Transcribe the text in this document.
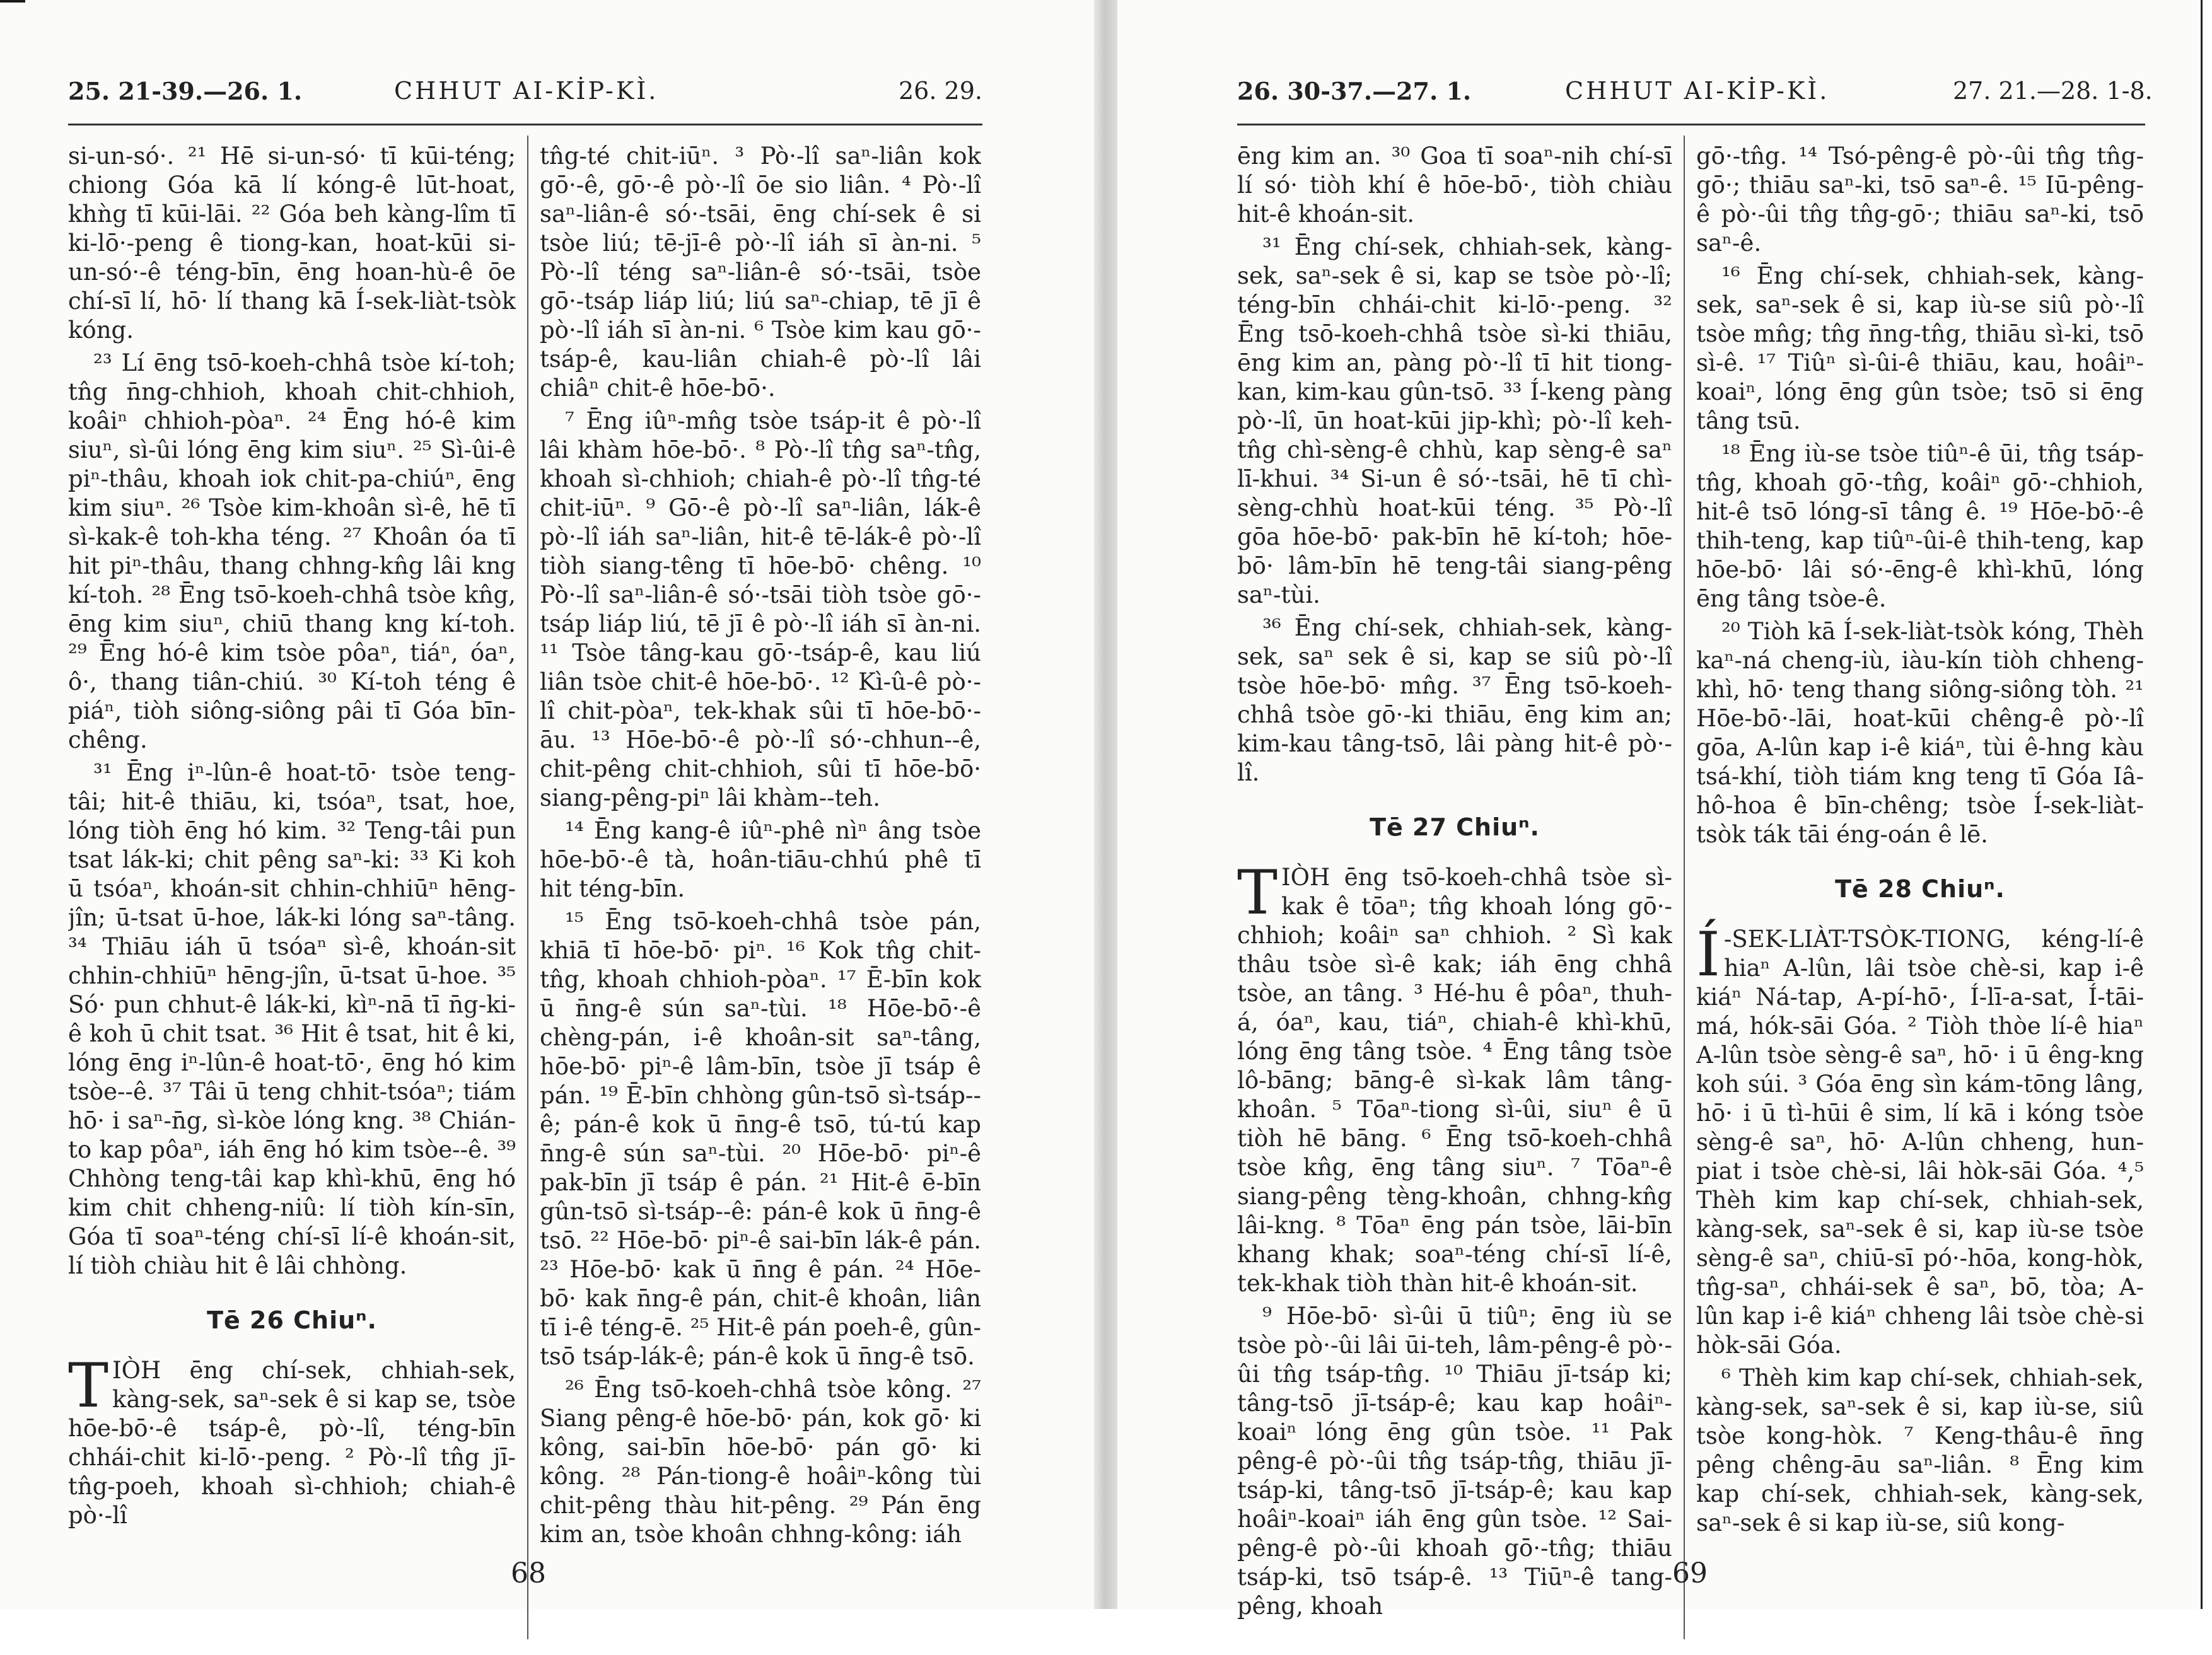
25. 21-39.—26. 1.	CHHUT AI-KİP-KÌ.	26. 29.

si-un-só·. ²¹ Hē si-un-só· tī kūi-téng; chiong Góa kā lí kóng-ê lūt-hoat, khǹg tī kūi-lāi. ²² Góa beh kàng-lîm tī ki-lō·-peng ê tiong-kan, hoat-kūi si-un-só·-ê téng-bīn, ēng hoan-hù-ê ōe chí-sī lí, hō· lí thang kā Í-sek-liàt-tsòk kóng.

²³ Lí ēng tsō-koeh-chhâ tsòe kí-toh; tn̂g n̄ng-chhioh, khoah chit-chhioh, koâiⁿ chhioh-pòaⁿ. ²⁴ Ēng hó-ê kim siuⁿ, sì-ûi lóng ēng kim siuⁿ. ²⁵ Sì-ûi-ê piⁿ-thâu, khoah iok chit-pa-chiúⁿ, ēng kim siuⁿ. ²⁶ Tsòe kim-khoân sì-ê, hē tī sì-kak-ê toh-kha téng. ²⁷ Khoân óa tī hit piⁿ-thâu, thang chhng-kn̂g lâi kng kí-toh. ²⁸ Ēng tsō-koeh-chhâ tsòe kn̂g, ēng kim siuⁿ, chiū thang kng kí-toh. ²⁹ Ēng hó-ê kim tsòe pôaⁿ, tiáⁿ, óaⁿ, ô·, thang tiân-chiú. ³⁰ Kí-toh téng ê piáⁿ, tiòh siông-siông pâi tī Góa bīn-chêng.

³¹ Ēng iⁿ-lûn-ê hoat-tō· tsòe teng-tâi; hit-ê thiāu, ki, tsóaⁿ, tsat, hoe, lóng tiòh ēng hó kim. ³² Teng-tâi pun tsat lák-ki; chit pêng saⁿ-ki: ³³ Ki koh ū tsóaⁿ, khoán-sit chhin-chhiūⁿ hēng-jîn; ū-tsat ū-hoe, lák-ki lóng saⁿ-tâng. ³⁴ Thiāu iáh ū tsóaⁿ sì-ê, khoán-sit chhin-chhiūⁿ hēng-jîn, ū-tsat ū-hoe. ³⁵ Só· pun chhut-ê lák-ki, kìⁿ-nā tī n̄g-ki-ê koh ū chit tsat. ³⁶ Hit ê tsat, hit ê ki, lóng ēng iⁿ-lûn-ê hoat-tō·, ēng hó kim tsòe--ê. ³⁷ Tâi ū teng chhit-tsóaⁿ; tiám hō· i saⁿ-n̄g, sì-kòe lóng kng. ³⁸ Chián-to kap pôaⁿ, iáh ēng hó kim tsòe--ê. ³⁹ Chhòng teng-tâi kap khì-khū, ēng hó kim chit chheng-niû: lí tiòh kín-sīn, Góa tī soaⁿ-téng chí-sī lí-ê khoán-sit, lí tiòh chiàu hit ê lâi chhòng.

Tē 26 Chiuⁿ.

TIÒH ēng chí-sek, chhiah-sek, kàng-sek, saⁿ-sek ê si kap se, tsòe hōe-bō·-ê tsáp-ê, pò·-lî, téng-bīn chhái-chit ki-lō·-peng. ² Pò·-lî tn̂g jī-tn̂g-poeh, khoah sì-chhioh; chiah-ê pò·-lî

tn̂g-té chit-iūⁿ. ³ Pò·-lî saⁿ-liân kok gō·-ê, gō·-ê pò·-lî ōe sio liân. ⁴ Pò·-lî saⁿ-liân-ê só·-tsāi, ēng chí-sek ê si tsòe liú; tē-jī-ê pò·-lî iáh sī àn-ni. ⁵ Pò·-lî téng saⁿ-liân-ê só·-tsāi, tsòe gō·-tsáp liáp liú; liú saⁿ-chiap, tē jī ê pò·-lî iáh sī àn-ni. ⁶ Tsòe kim kau gō·-tsáp-ê, kau-liân chiah-ê pò·-lî lâi chiâⁿ chit-ê hōe-bō·.

⁷ Ēng iûⁿ-mn̂g tsòe tsáp-it ê pò·-lî lâi khàm hōe-bō·. ⁸ Pò·-lî tn̂g saⁿ-tn̂g, khoah sì-chhioh; chiah-ê pò·-lî tn̂g-té chit-iūⁿ. ⁹ Gō·-ê pò·-lî saⁿ-liân, lák-ê pò·-lî iáh saⁿ-liân, hit-ê tē-lák-ê pò·-lî tiòh siang-têng tī hōe-bō· chêng. ¹⁰ Pò·-lî saⁿ-liân-ê só·-tsāi tiòh tsòe gō·-tsáp liáp liú, tē jī ê pò·-lî iáh sī àn-ni. ¹¹ Tsòe tâng-kau gō·-tsáp-ê, kau liú liân tsòe chit-ê hōe-bō·. ¹² Kì-û-ê pò·-lî chit-pòaⁿ, tek-khak sûi tī hōe-bō·-āu. ¹³ Hōe-bō·-ê pò·-lî só·-chhun--ê, chit-pêng chit-chhioh, sûi tī hōe-bō· siang-pêng-piⁿ lâi khàm--teh.

¹⁴ Ēng kang-ê iûⁿ-phê nìⁿ âng tsòe hōe-bō·-ê tà, hoân-tiāu-chhú phê tī hit téng-bīn.

¹⁵ Ēng tsō-koeh-chhâ tsòe pán, khiā tī hōe-bō· piⁿ. ¹⁶ Kok tn̂g chit-tn̂g, khoah chhioh-pòaⁿ. ¹⁷ Ē-bīn kok ū n̄ng-ê sún saⁿ-tùi. ¹⁸ Hōe-bō·-ê chèng-pán, i-ê khoân-sit saⁿ-tâng, hōe-bō· piⁿ-ê lâm-bīn, tsòe jī tsáp ê pán. ¹⁹ Ē-bīn chhòng gûn-tsō sì-tsáp--ê; pán-ê kok ū n̄ng-ê tsō, tú-tú kap n̄ng-ê sún saⁿ-tùi. ²⁰ Hōe-bō· piⁿ-ê pak-bīn jī tsáp ê pán. ²¹ Hit-ê ē-bīn gûn-tsō sì-tsáp--ê: pán-ê kok ū n̄ng-ê tsō. ²² Hōe-bō· piⁿ-ê sai-bīn lák-ê pán. ²³ Hōe-bō· kak ū n̄ng ê pán. ²⁴ Hōe-bō· kak n̄ng-ê pán, chit-ê khoân, liân tī i-ê téng-ē. ²⁵ Hit-ê pán poeh-ê, gûn-tsō tsáp-lák-ê; pán-ê kok ū n̄ng-ê tsō.

²⁶ Ēng tsō-koeh-chhâ tsòe kông. ²⁷ Siang pêng-ê hōe-bō· pán, kok gō· ki kông, sai-bīn hōe-bō· pán gō· ki kông. ²⁸ Pán-tiong-ê hoâiⁿ-kông tùi chit-pêng thàu hit-pêng. ²⁹ Pán ēng kim an, tsòe khoân chhng-kông: iáh

68
26. 30-37.—27. 1.	CHHUT AI-KİP-KÌ.	27. 21.—28. 1-8.

ēng kim an. ³⁰ Goa tī soaⁿ-nih chí-sī lí só· tiòh khí ê hōe-bō·, tiòh chiàu hit-ê khoán-sit.

³¹ Ēng chí-sek, chhiah-sek, kàng-sek, saⁿ-sek ê si, kap se tsòe pò·-lî; téng-bīn chhái-chit ki-lō·-peng. ³² Ēng tsō-koeh-chhâ tsòe sì-ki thiāu, ēng kim an, pàng pò·-lî tī hit tiong-kan, kim-kau gûn-tsō. ³³ Í-keng pàng pò·-lî, ūn hoat-kūi jip-khì; pò·-lî keh-tn̂g chì-sèng-ê chhù, kap sèng-ê saⁿ lī-khui. ³⁴ Si-un ê só·-tsāi, hē tī chì-sèng-chhù hoat-kūi téng. ³⁵ Pò·-lî gōa hōe-bō· pak-bīn hē kí-toh; hōe-bō· lâm-bīn hē teng-tâi siang-pêng saⁿ-tùi.

³⁶ Ēng chí-sek, chhiah-sek, kàng-sek, saⁿ sek ê si, kap se siû pò·-lî tsòe hōe-bō· mn̂g. ³⁷ Ēng tsō-koeh-chhâ tsòe gō·-ki thiāu, ēng kim an; kim-kau tâng-tsō, lâi pàng hit-ê pò·-lî.

Tē 27 Chiuⁿ.

TIÒH ēng tsō-koeh-chhâ tsòe sì-kak ê tōaⁿ; tn̂g khoah lóng gō·-chhioh; koâiⁿ saⁿ chhioh. ² Sì kak thâu tsòe sì-ê kak; iáh ēng chhâ tsòe, an tâng. ³ Hé-hu ê pôaⁿ, thuh-á, óaⁿ, kau, tiáⁿ, chiah-ê khì-khū, lóng ēng tâng tsòe. ⁴ Ēng tâng tsòe lô-bāng; bāng-ê sì-kak lâm tâng-khoân. ⁵ Tōaⁿ-tiong sì-ûi, siuⁿ ê ū tiòh hē bāng. ⁶ Ēng tsō-koeh-chhâ tsòe kn̂g, ēng tâng siuⁿ. ⁷ Tōaⁿ-ê siang-pêng tèng-khoân, chhng-kn̂g lâi-kng. ⁸ Tōaⁿ ēng pán tsòe, lāi-bīn khang khak; soaⁿ-téng chí-sī lí-ê, tek-khak tiòh thàn hit-ê khoán-sit.

⁹ Hōe-bō· sì-ûi ū tiûⁿ; ēng iù se tsòe pò·-ûi lâi ūi-teh, lâm-pêng-ê pò·-ûi tn̂g tsáp-tn̂g. ¹⁰ Thiāu jī-tsáp ki; tâng-tsō jī-tsáp-ê; kau kap hoâiⁿ-koaiⁿ lóng ēng gûn tsòe. ¹¹ Pak pêng-ê pò·-ûi tn̂g tsáp-tn̂g, thiāu jī-tsáp-ki, tâng-tsō jī-tsáp-ê; kau kap hoâiⁿ-koaiⁿ iáh ēng gûn tsòe. ¹² Sai-pêng-ê pò·-ûi khoah gō·-tn̂g; thiāu tsáp-ki, tsō tsáp-ê. ¹³ Tiūⁿ-ê tang-pêng, khoah

gō·-tn̂g. ¹⁴ Tsó-pêng-ê pò·-ûi tn̂g tn̂g-gō·; thiāu saⁿ-ki, tsō saⁿ-ê. ¹⁵ Iū-pêng-ê pò·-ûi tn̂g tn̂g-gō·; thiāu saⁿ-ki, tsō saⁿ-ê.

¹⁶ Ēng chí-sek, chhiah-sek, kàng-sek, saⁿ-sek ê si, kap iù-se siû pò·-lî tsòe mn̂g; tn̂g n̄ng-tn̂g, thiāu sì-ki, tsō sì-ê. ¹⁷ Tiûⁿ sì-ûi-ê thiāu, kau, hoâiⁿ-koaiⁿ, lóng ēng gûn tsòe; tsō si ēng tâng tsū.

¹⁸ Ēng iù-se tsòe tiûⁿ-ê ūi, tn̂g tsáp-tn̂g, khoah gō·-tn̂g, koâiⁿ gō·-chhioh, hit-ê tsō lóng-sī tâng ê. ¹⁹ Hōe-bō·-ê thih-teng, kap tiûⁿ-ûi-ê thih-teng, kap hōe-bō· lâi só·-ēng-ê khì-khū, lóng ēng tâng tsòe-ê.

²⁰ Tiòh kā Í-sek-liàt-tsòk kóng, Thèh kaⁿ-ná cheng-iù, iàu-kín tiòh chheng-khì, hō· teng thang siông-siông tòh. ²¹ Hōe-bō·-lāi, hoat-kūi chêng-ê pò·-lî gōa, A-lûn kap i-ê kiáⁿ, tùi ê-hng kàu tsá-khí, tiòh tiám kng teng tī Góa Iâ-hô-hoa ê bīn-chêng; tsòe Í-sek-liàt-tsòk ták tāi éng-oán ê lē.

Tē 28 Chiuⁿ.

Í -SEK-LIÀT-TSÒK-TIONG, kéng-lí-ê hiaⁿ A-lûn, lâi tsòe chè-si, kap i-ê kiáⁿ Ná-tap, A-pí-hō·, Í-lī-a-sat, Í-tāi-má, hók-sāi Góa. ² Tiòh thòe lí-ê hiaⁿ A-lûn tsòe sèng-ê saⁿ, hō· i ū êng-kng koh súi. ³ Góa ēng sìn kám-tōng lâng, hō· i ū tì-hūi ê sim, lí kā i kóng tsòe sèng-ê saⁿ, hō· A-lûn chheng, hun-piat i tsòe chè-si, lâi hòk-sāi Góa. ⁴,⁵ Thèh kim kap chí-sek, chhiah-sek, kàng-sek, saⁿ-sek ê si, kap iù-se tsòe sèng-ê saⁿ, chiū-sī pó·-hōa, kong-hòk, tn̂g-saⁿ, chhái-sek ê saⁿ, bō, tòa; A-lûn kap i-ê kiáⁿ chheng lâi tsòe chè-si hòk-sāi Góa.

⁶ Thèh kim kap chí-sek, chhiah-sek, kàng-sek, saⁿ-sek ê si, kap iù-se, siû tsòe kong-hòk. ⁷ Keng-thâu-ê n̄ng pêng chêng-āu saⁿ-liân. ⁸ Ēng kim kap chí-sek, chhiah-sek, kàng-sek, saⁿ-sek ê si kap iù-se, siû kong-

69
